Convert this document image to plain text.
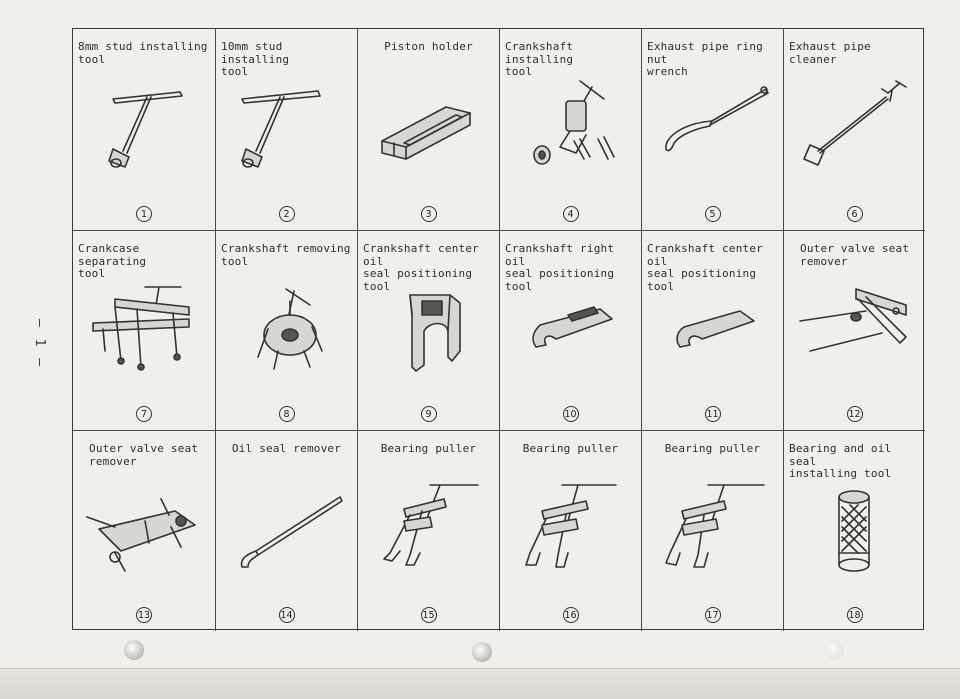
— 1 —
8mm stud installing
tool
1
10mm stud installing
tool
2
Piston holder
3
Crankshaft installing
tool
4
Exhaust pipe ring nut
wrench
5
Exhaust pipe cleaner
6
Crankcase separating
tool
7
Crankshaft removing
tool
8
Crankshaft center oil
seal positioning tool
9
Crankshaft right oil
seal positioning tool
10
Crankshaft center oil
seal positioning tool
11
Outer valve seat
remover
12
Outer valve seat
remover
13
Oil seal remover
14
Bearing puller
15
Bearing puller
16
Bearing puller
17
Bearing and oil seal
installing tool
18
